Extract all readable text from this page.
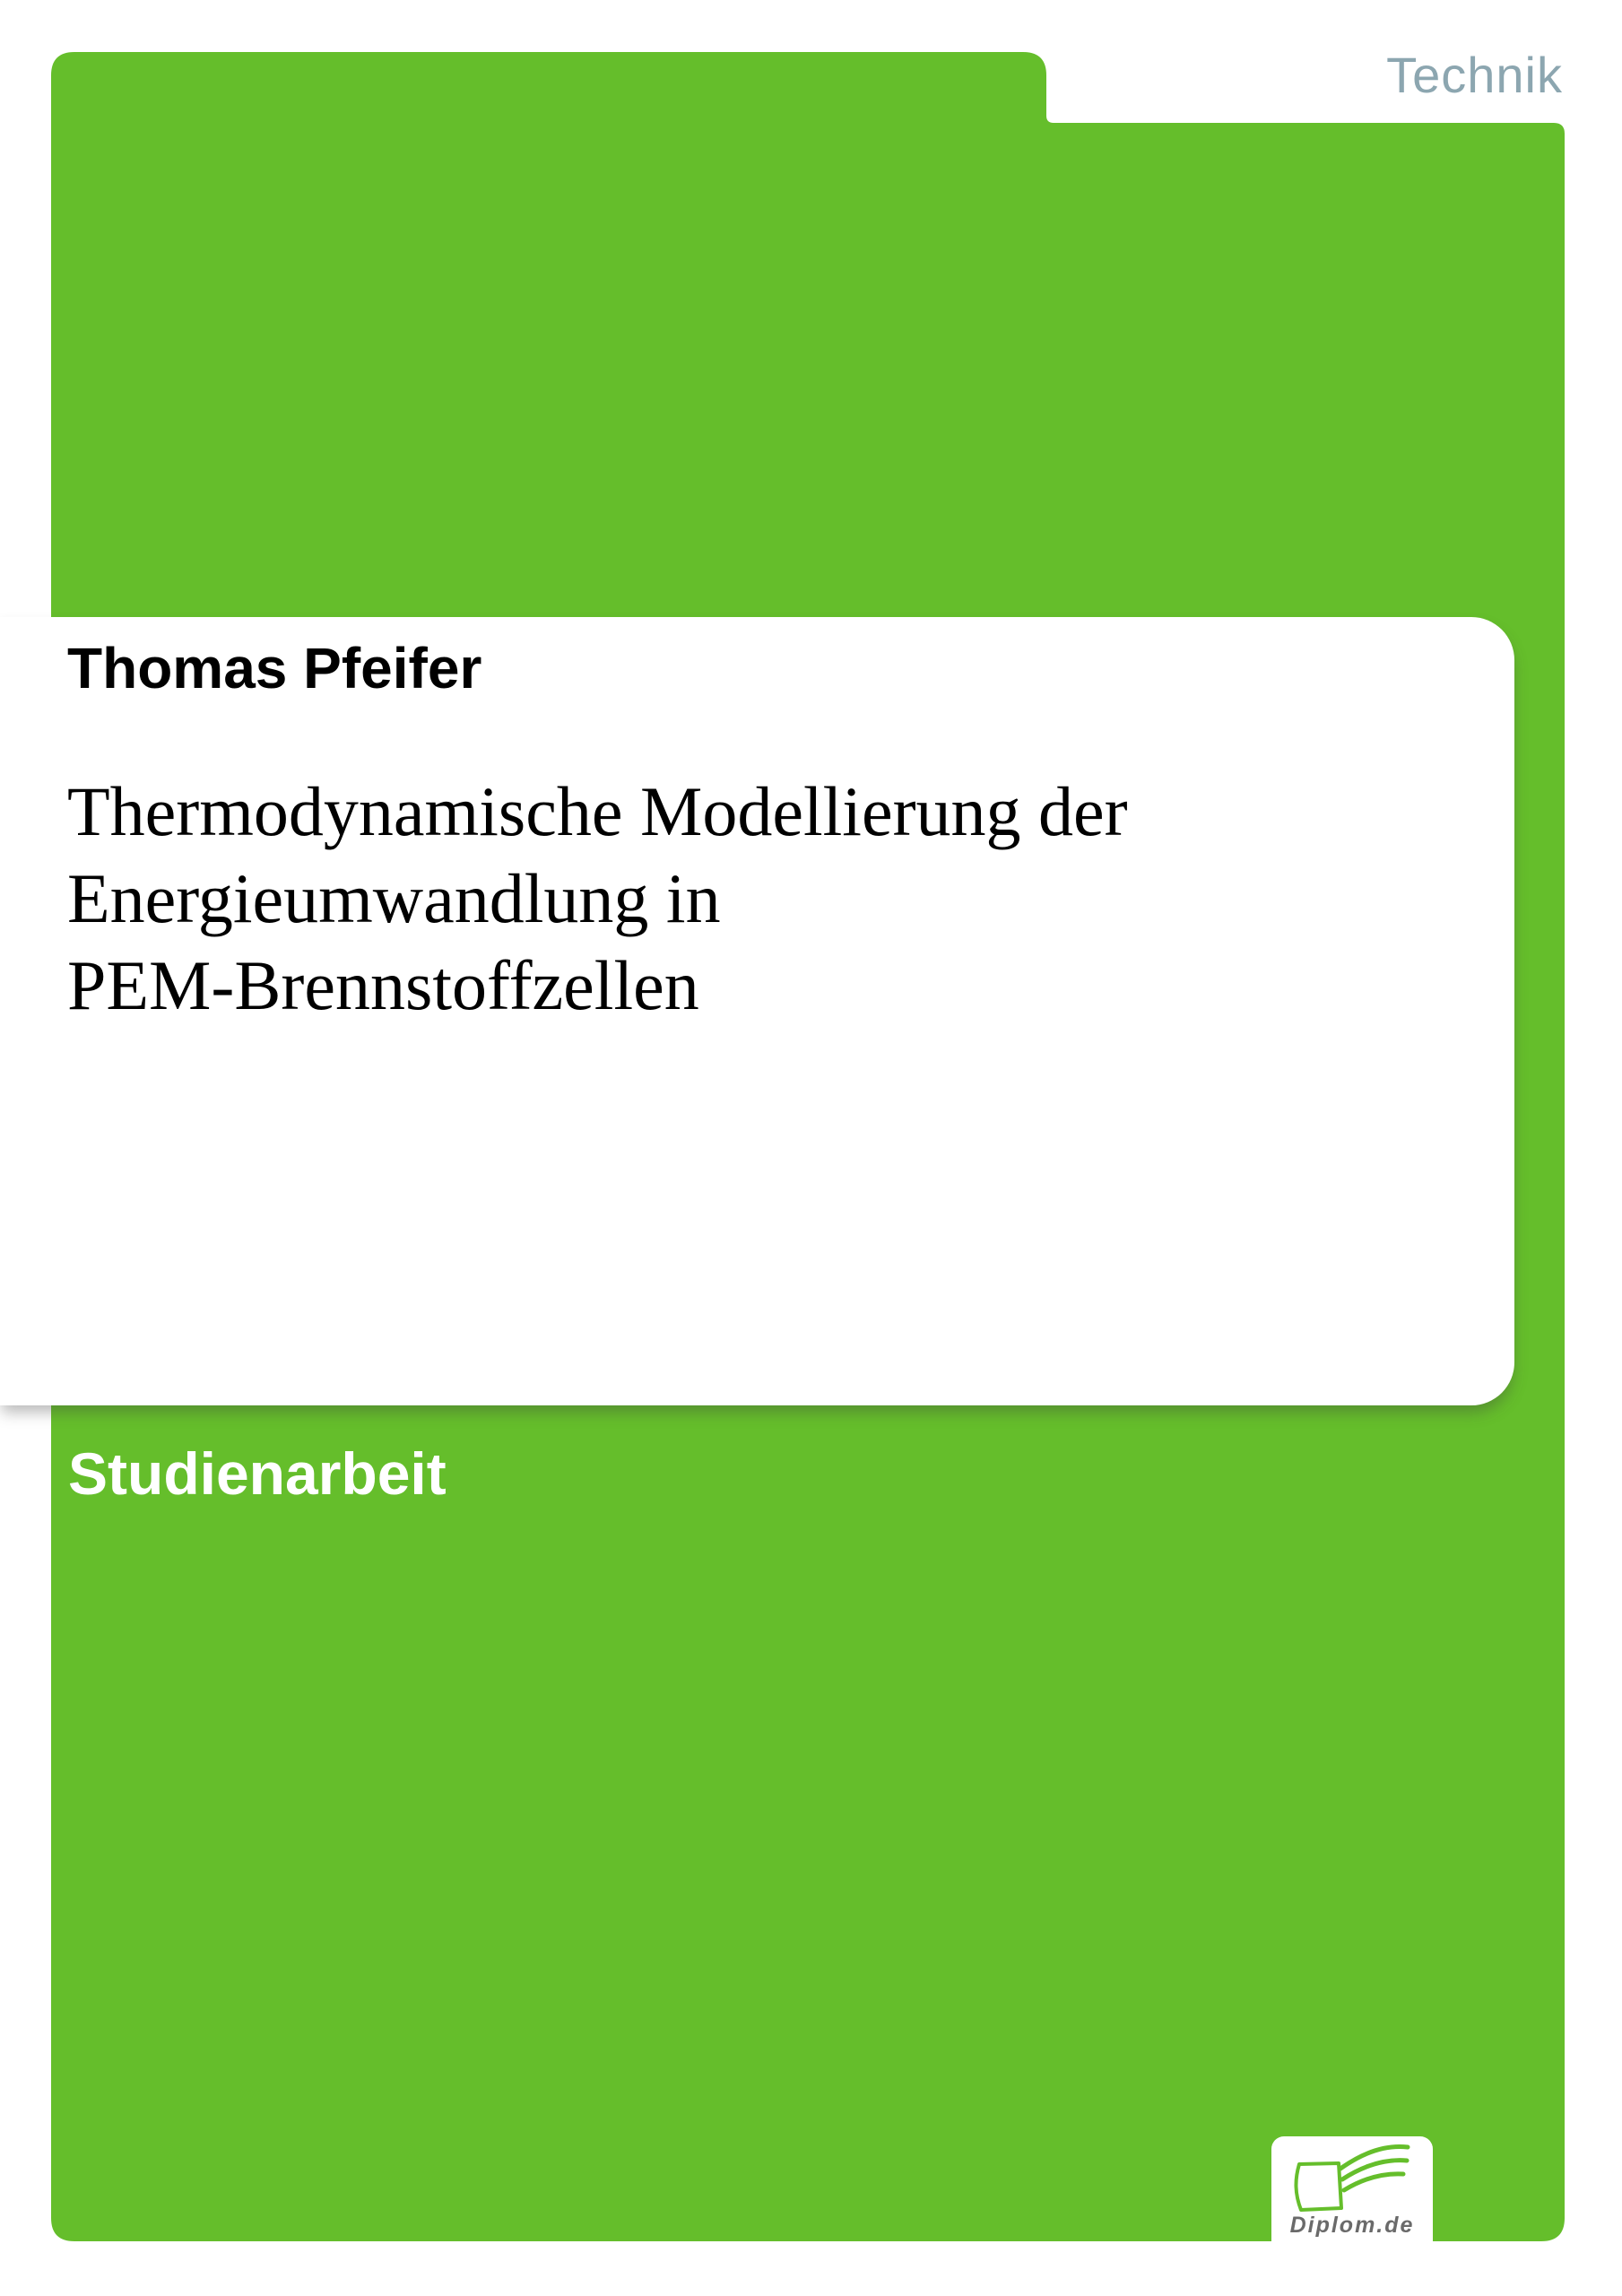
Technik
Thomas Pfeifer
Thermodynamische Modellierung der
Energieumwandlung in
PEM-Brennstoffzellen
Studienarbeit
Diplom.de
